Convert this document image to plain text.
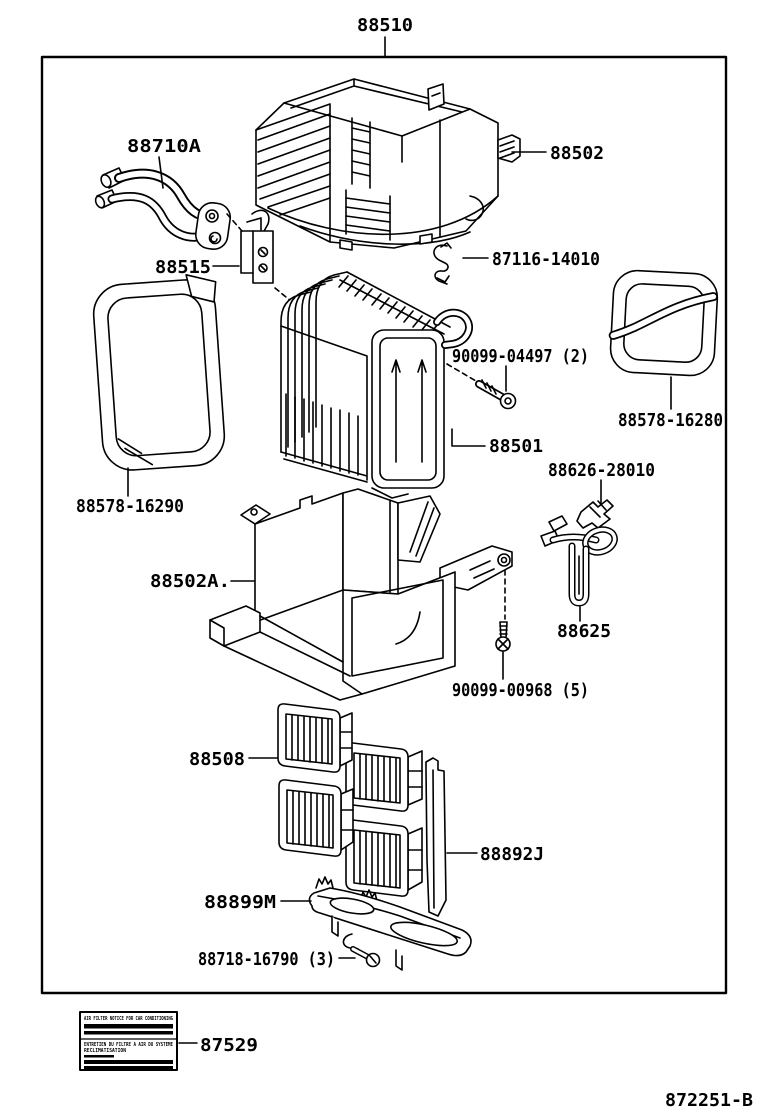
88510
88502
88710A
88515	87116-14010
88578-16290
88501
90099-04497 (2)
88578-16280
88626-28010
88625
88502A.
90099-00968 (5)
88508
88892J
88899M
88718-16790 (3)
AIR FILTER NOTICE FOR CAR CONDITIONING
ENTRETIEN DU FILTRE A AIR DU SYSTEME
RECLIMATISATION	87529
872251-B
